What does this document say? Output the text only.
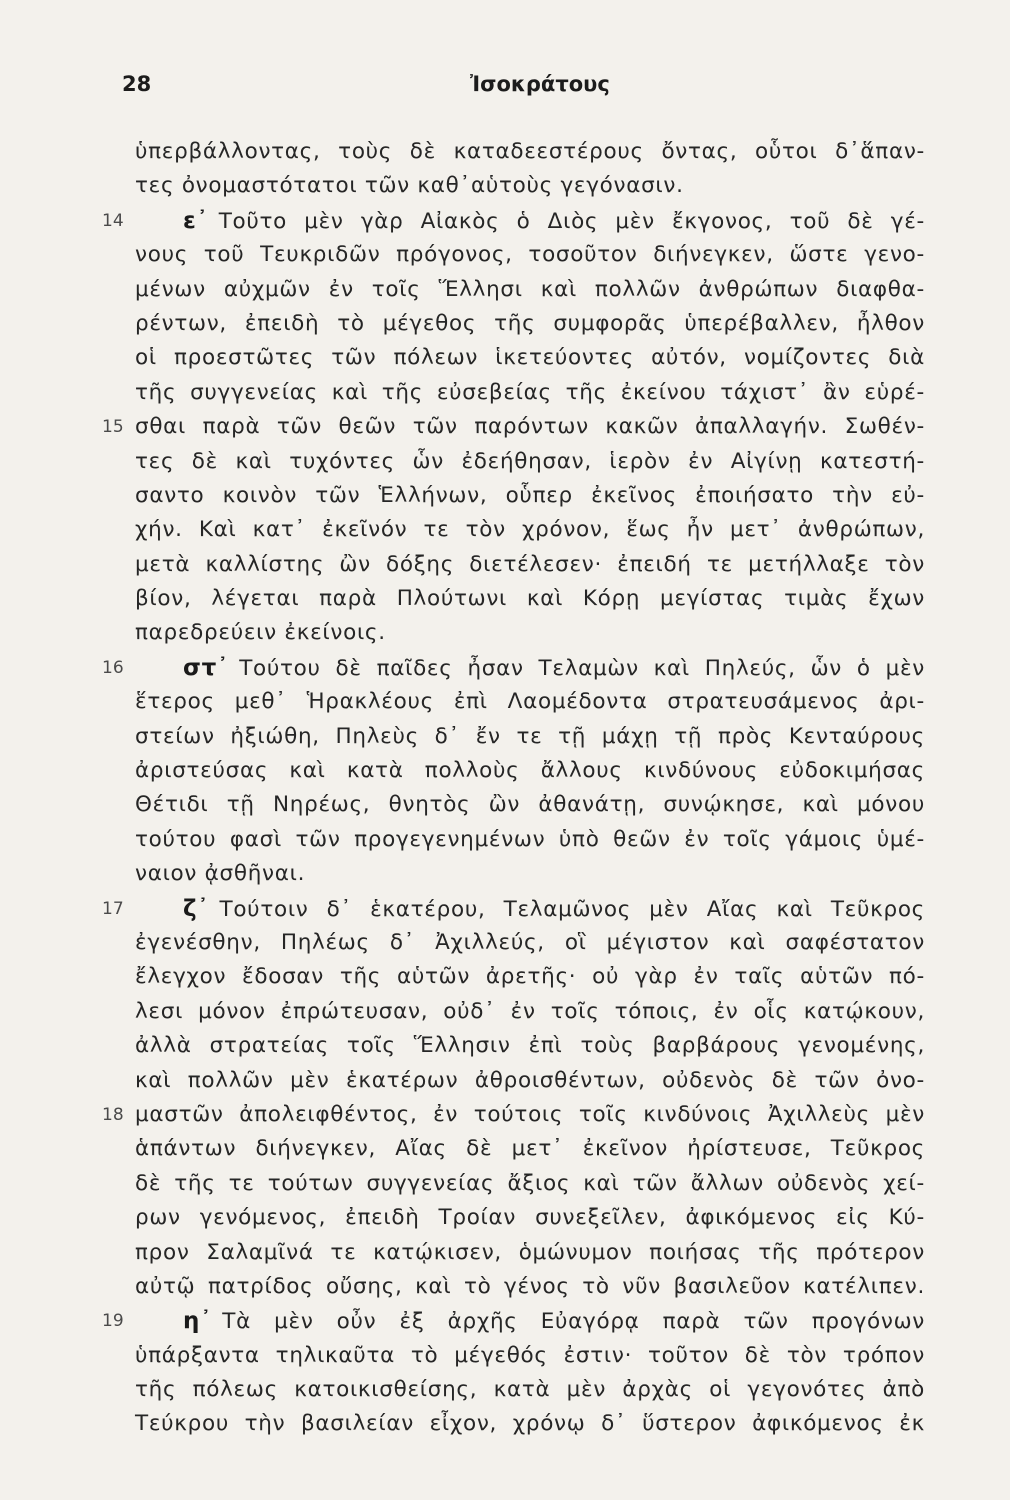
28	Ἰσοκράτους
ὑπερβάλλοντας, τοὺς δὲ καταδεεστέρους ὄντας, οὗτοι δ᾽ἅπαν-
τες ὀνομαστότατοι τῶν καθ᾽αὑτοὺς γεγόνασιν.
14	ε᾽ Τοῦτο μὲν γὰρ Αἰακὸς ὁ Διὸς μὲν ἔκγονος, τοῦ δὲ γέ-
νους τοῦ Τευκριδῶν πρόγονος, τοσοῦτον διήνεγκεν, ὥστε γενο-
μένων αὐχμῶν ἐν τοῖς Ἕλλησι καὶ πολλῶν ἀνθρώπων διαφθα-
ρέντων, ἐπειδὴ τὸ μέγεθος τῆς συμφορᾶς ὑπερέβαλλεν, ἦλθον
οἱ προεστῶτες τῶν πόλεων ἱκετεύοντες αὐτόν, νομίζοντες διὰ
τῆς συγγενείας καὶ τῆς εὐσεβείας τῆς ἐκείνου τάχιστ᾽ ἂν εὑρέ-
15 σθαι παρὰ τῶν θεῶν τῶν παρόντων κακῶν ἀπαλλαγήν. Σωθέν-
τες δὲ καὶ τυχόντες ὧν ἐδεήθησαν, ἱερὸν ἐν Αἰγίνῃ κατεστή-
σαντο κοινὸν τῶν Ἑλλήνων, οὗπερ ἐκεῖνος ἐποιήσατο τὴν εὐ-
χήν. Καὶ κατ᾽ ἐκεῖνόν τε τὸν χρόνον, ἕως ἦν μετ᾽ ἀνθρώπων,
μετὰ καλλίστης ὢν δόξης διετέλεσεν· ἐπειδή τε μετήλλαξε τὸν
βίον, λέγεται παρὰ Πλούτωνι καὶ Κόρῃ μεγίστας τιμὰς ἔχων
παρεδρεύειν ἐκείνοις.
16	στ᾽ Τούτου δὲ παῖδες ἦσαν Τελαμὼν καὶ Πηλεύς, ὧν ὁ μὲν
ἕτερος μεθ᾽ Ἡρακλέους ἐπὶ Λαομέδοντα στρατευσάμενος ἀρι-
στείων ἠξιώθη, Πηλεὺς δ᾽ ἔν τε τῇ μάχῃ τῇ πρὸς Κενταύρους
ἀριστεύσας καὶ κατὰ πολλοὺς ἄλλους κινδύνους εὐδοκιμήσας
Θέτιδι τῇ Νηρέως, θνητὸς ὢν ἀθανάτῃ, συνῴκησε, καὶ μόνου
τούτου φασὶ τῶν προγεγενημένων ὑπὸ θεῶν ἐν τοῖς γάμοις ὑμέ-
ναιον ᾀσθῆναι.
17	ζ᾽ Τούτοιν δ᾽ ἑκατέρου, Τελαμῶνος μὲν Αἴας καὶ Τεῦκρος
ἐγενέσθην, Πηλέως δ᾽ Ἀχιλλεύς, οἳ μέγιστον καὶ σαφέστατον
ἔλεγχον ἔδοσαν τῆς αὑτῶν ἀρετῆς· οὐ γὰρ ἐν ταῖς αὑτῶν πό-
λεσι μόνον ἐπρώτευσαν, οὐδ᾽ ἐν τοῖς τόποις, ἐν οἷς κατῴκουν,
ἀλλὰ στρατείας τοῖς Ἕλλησιν ἐπὶ τοὺς βαρβάρους γενομένης,
καὶ πολλῶν μὲν ἑκατέρων ἀθροισθέντων, οὐδενὸς δὲ τῶν ὀνο-
18 μαστῶν ἀπολειφθέντος, ἐν τούτοις τοῖς κινδύνοις Ἀχιλλεὺς μὲν
ἁπάντων διήνεγκεν, Αἴας δὲ μετ᾽ ἐκεῖνον ἠρίστευσε, Τεῦκρος
δὲ τῆς τε τούτων συγγενείας ἄξιος καὶ τῶν ἄλλων οὐδενὸς χεί-
ρων γενόμενος, ἐπειδὴ Τροίαν συνεξεῖλεν, ἀφικόμενος εἰς Κύ-
προν Σαλαμῖνά τε κατῴκισεν, ὁμώνυμον ποιήσας τῆς πρότερον
αὐτῷ πατρίδος οὔσης, καὶ τὸ γένος τὸ νῦν βασιλεῦον κατέλιπεν.
19	η᾽ Τὰ μὲν οὖν ἐξ ἀρχῆς Εὐαγόρᾳ παρὰ τῶν προγόνων
ὑπάρξαντα τηλικαῦτα τὸ μέγεθός ἐστιν· τοῦτον δὲ τὸν τρόπον
τῆς πόλεως κατοικισθείσης, κατὰ μὲν ἀρχὰς οἱ γεγονότες ἀπὸ
Τεύκρου τὴν βασιλείαν εἶχον, χρόνῳ δ᾽ ὕστερον ἀφικόμενος ἐκ
